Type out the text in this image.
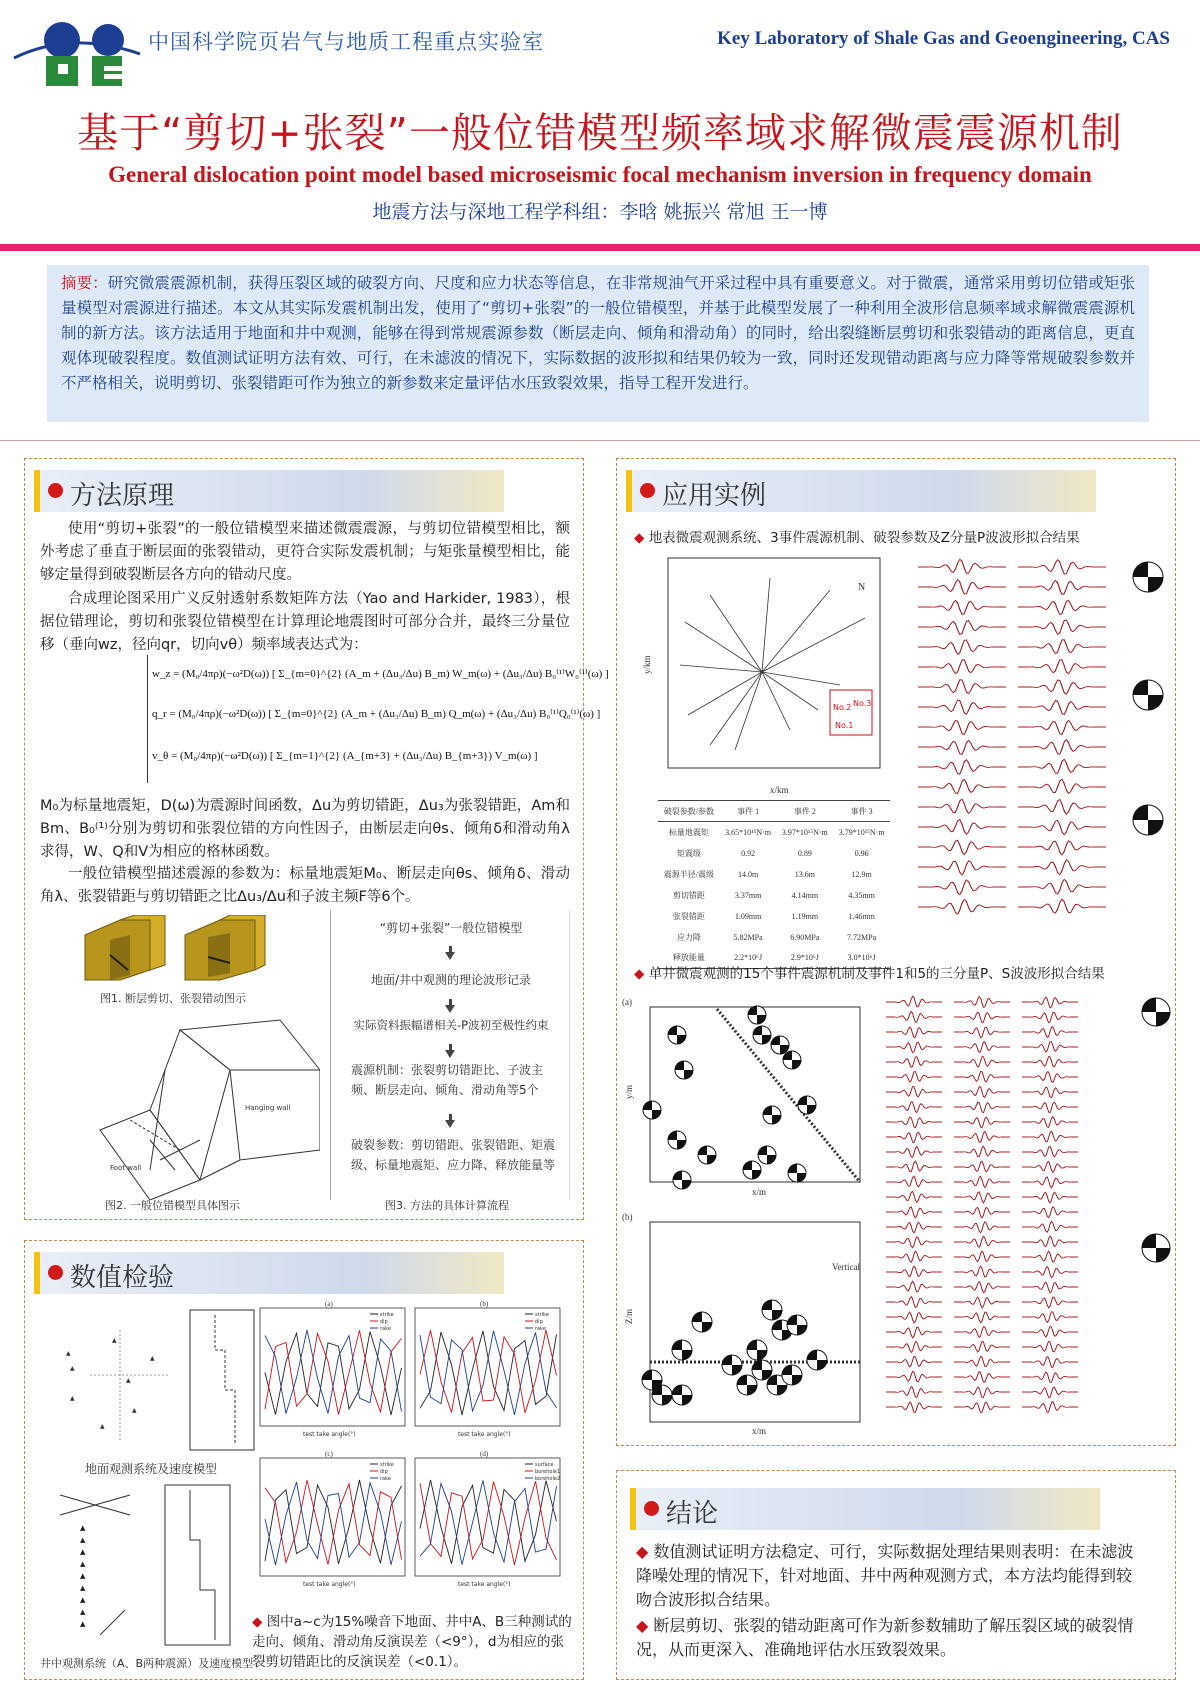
中国科学院页岩气与地质工程重点实验室	Key Laboratory of Shale Gas and Geoengineering, CAS
基于“剪切+张裂”一般位错模型频率域求解微震震源机制
General dislocation point model based microseismic focal mechanism inversion in frequency domain
地震方法与深地工程学科组：李晗 姚振兴 常旭 王一博
摘要：研究微震震源机制，获得压裂区域的破裂方向、尺度和应力状态等信息，在非常规油气开采过程中具有重要意义。对于微震，通常采用剪切位错或矩张量模型对震源进行描述。本文从其实际发震机制出发，使用了“剪切+张裂”的一般位错模型，并基于此模型发展了一种利用全波形信息频率域求解微震震源机制的新方法。该方法适用于地面和井中观测，能够在得到常规震源参数（断层走向、倾角和滑动角）的同时，给出裂缝断层剪切和张裂错动的距离信息，更直观体现破裂程度。数值测试证明方法有效、可行，在未滤波的情况下，实际数据的波形拟和结果仍较为一致，同时还发现错动距离与应力降等常规破裂参数并不严格相关，说明剪切、张裂错距可作为独立的新参数来定量评估水压致裂效果，指导工程开发进行。
方法原理
使用“剪切+张裂”的一般位错模型来描述微震震源，与剪切位错模型相比，额外考虑了垂直于断层面的张裂错动，更符合实际发震机制；与矩张量模型相比，能够定量得到破裂断层各方向的错动尺度。
合成理论图采用广义反射透射系数矩阵方法（Yao and Harkider, 1983），根据位错理论，剪切和张裂位错模型在计算理论地震图时可部分合并，最终三分量位移（垂向wz，径向qr，切向vθ）频率域表达式为：
w_z = (M₀/4πρ)(−ω²D(ω)) [ Σ_{m=0}^{2} (A_m + (Δu₃/Δu) B_m) W_m(ω) + (Δu₃/Δu) B₀⁽¹⁾W₀⁽¹⁾(ω) ]
q_r = (M₀/4πρ)(−ω²D(ω)) [ Σ_{m=0}^{2} (A_m + (Δu₃/Δu) B_m) Q_m(ω) + (Δu₃/Δu) B₀⁽¹⁾Q₀⁽¹⁾(ω) ]
v_θ = (M₀/4πρ)(−ω²D(ω)) [ Σ_{m=1}^{2} (A_{m+3} + (Δu₃/Δu) B_{m+3}) V_m(ω) ]
M₀为标量地震矩，D(ω)为震源时间函数，Δu为剪切错距，Δu₃为张裂错距，Am和Bm、B₀⁽¹⁾分别为剪切和张裂位错的方向性因子，由断层走向θs、倾角δ和滑动角λ求得，W、Q和V为相应的格林函数。
一般位错模型描述震源的参数为：标量地震矩M₀、断层走向θs、倾角δ、滑动角λ、张裂错距与剪切错距之比Δu₃/Δu和子波主频F等6个。
图1. 断层剪切、张裂错动图示
Hanging wall
Foot wall
图2. 一般位错模型具体图示
“剪切+张裂”一般位错模型
地面/井中观测的理论波形记录
实际资料振幅谱相关-P波初至极性约束
震源机制：张裂剪切错距比、子波主频、断层走向、倾角、滑动角等5个
破裂参数：剪切错距、张裂错距、矩震级、标量地震矩、应力降、释放能量等
图3. 方法的具体计算流程
数值检验
▲
▲
▲
▲
▲
▲
▲
▲
地面观测系统及速度模型
▲
▲
▲
▲
▲
▲
▲
▲
▲
井中观测系统（A、B两种震源）及速度模型
(a)
test take angle(°)
strike
dip
rake
(b)
test take angle(°)
strike
dip
rake
(c)
test take angle(°)
strike
dip
rake
(d)
test take angle(°)
surface
borehole1
borehole2
◆ 图中a~c为15%噪音下地面、井中A、B三种测试的走向、倾角、滑动角反演误差（<9°），d为相应的张裂剪切错距比的反演误差（<0.1）。
应用实例
◆ 地表微震观测系统、3事件震源机制、破裂参数及Z分量P波波形拟合结果
No.1
No.2 No.3
N
x/km
y/km
破裂参数/参数	事件 1	事件 2	事件 3
标量地震矩	3.65*10¹⁵N·m	3.97*10¹⁵N·m	3.79*10¹⁵N·m
矩震级	0.92	0.89	0.96
震源半径/震级	14.0m	13.6m	12.9m
剪切错距	3.37mm	4.14mm	4.35mm
张裂错距	1.09mm	1.19mm	1.46mm
应力降	5.82MPa	6.90MPa	7.72MPa
释放能量	2.2*10⁶J	2.9*10⁶J	3.0*10⁶J
◆ 单井微震观测的15个事件震源机制及事件1和5的三分量P、S波波形拟合结果
(a)
x/m
y/m
(b)
Vertical
x/m
Z/m
结论
◆ 数值测试证明方法稳定、可行，实际数据处理结果则表明：在未滤波降噪处理的情况下，针对地面、井中两种观测方式，本方法均能得到较吻合波形拟合结果。
◆ 断层剪切、张裂的错动距离可作为新参数辅助了解压裂区域的破裂情况，从而更深入、准确地评估水压致裂效果。
